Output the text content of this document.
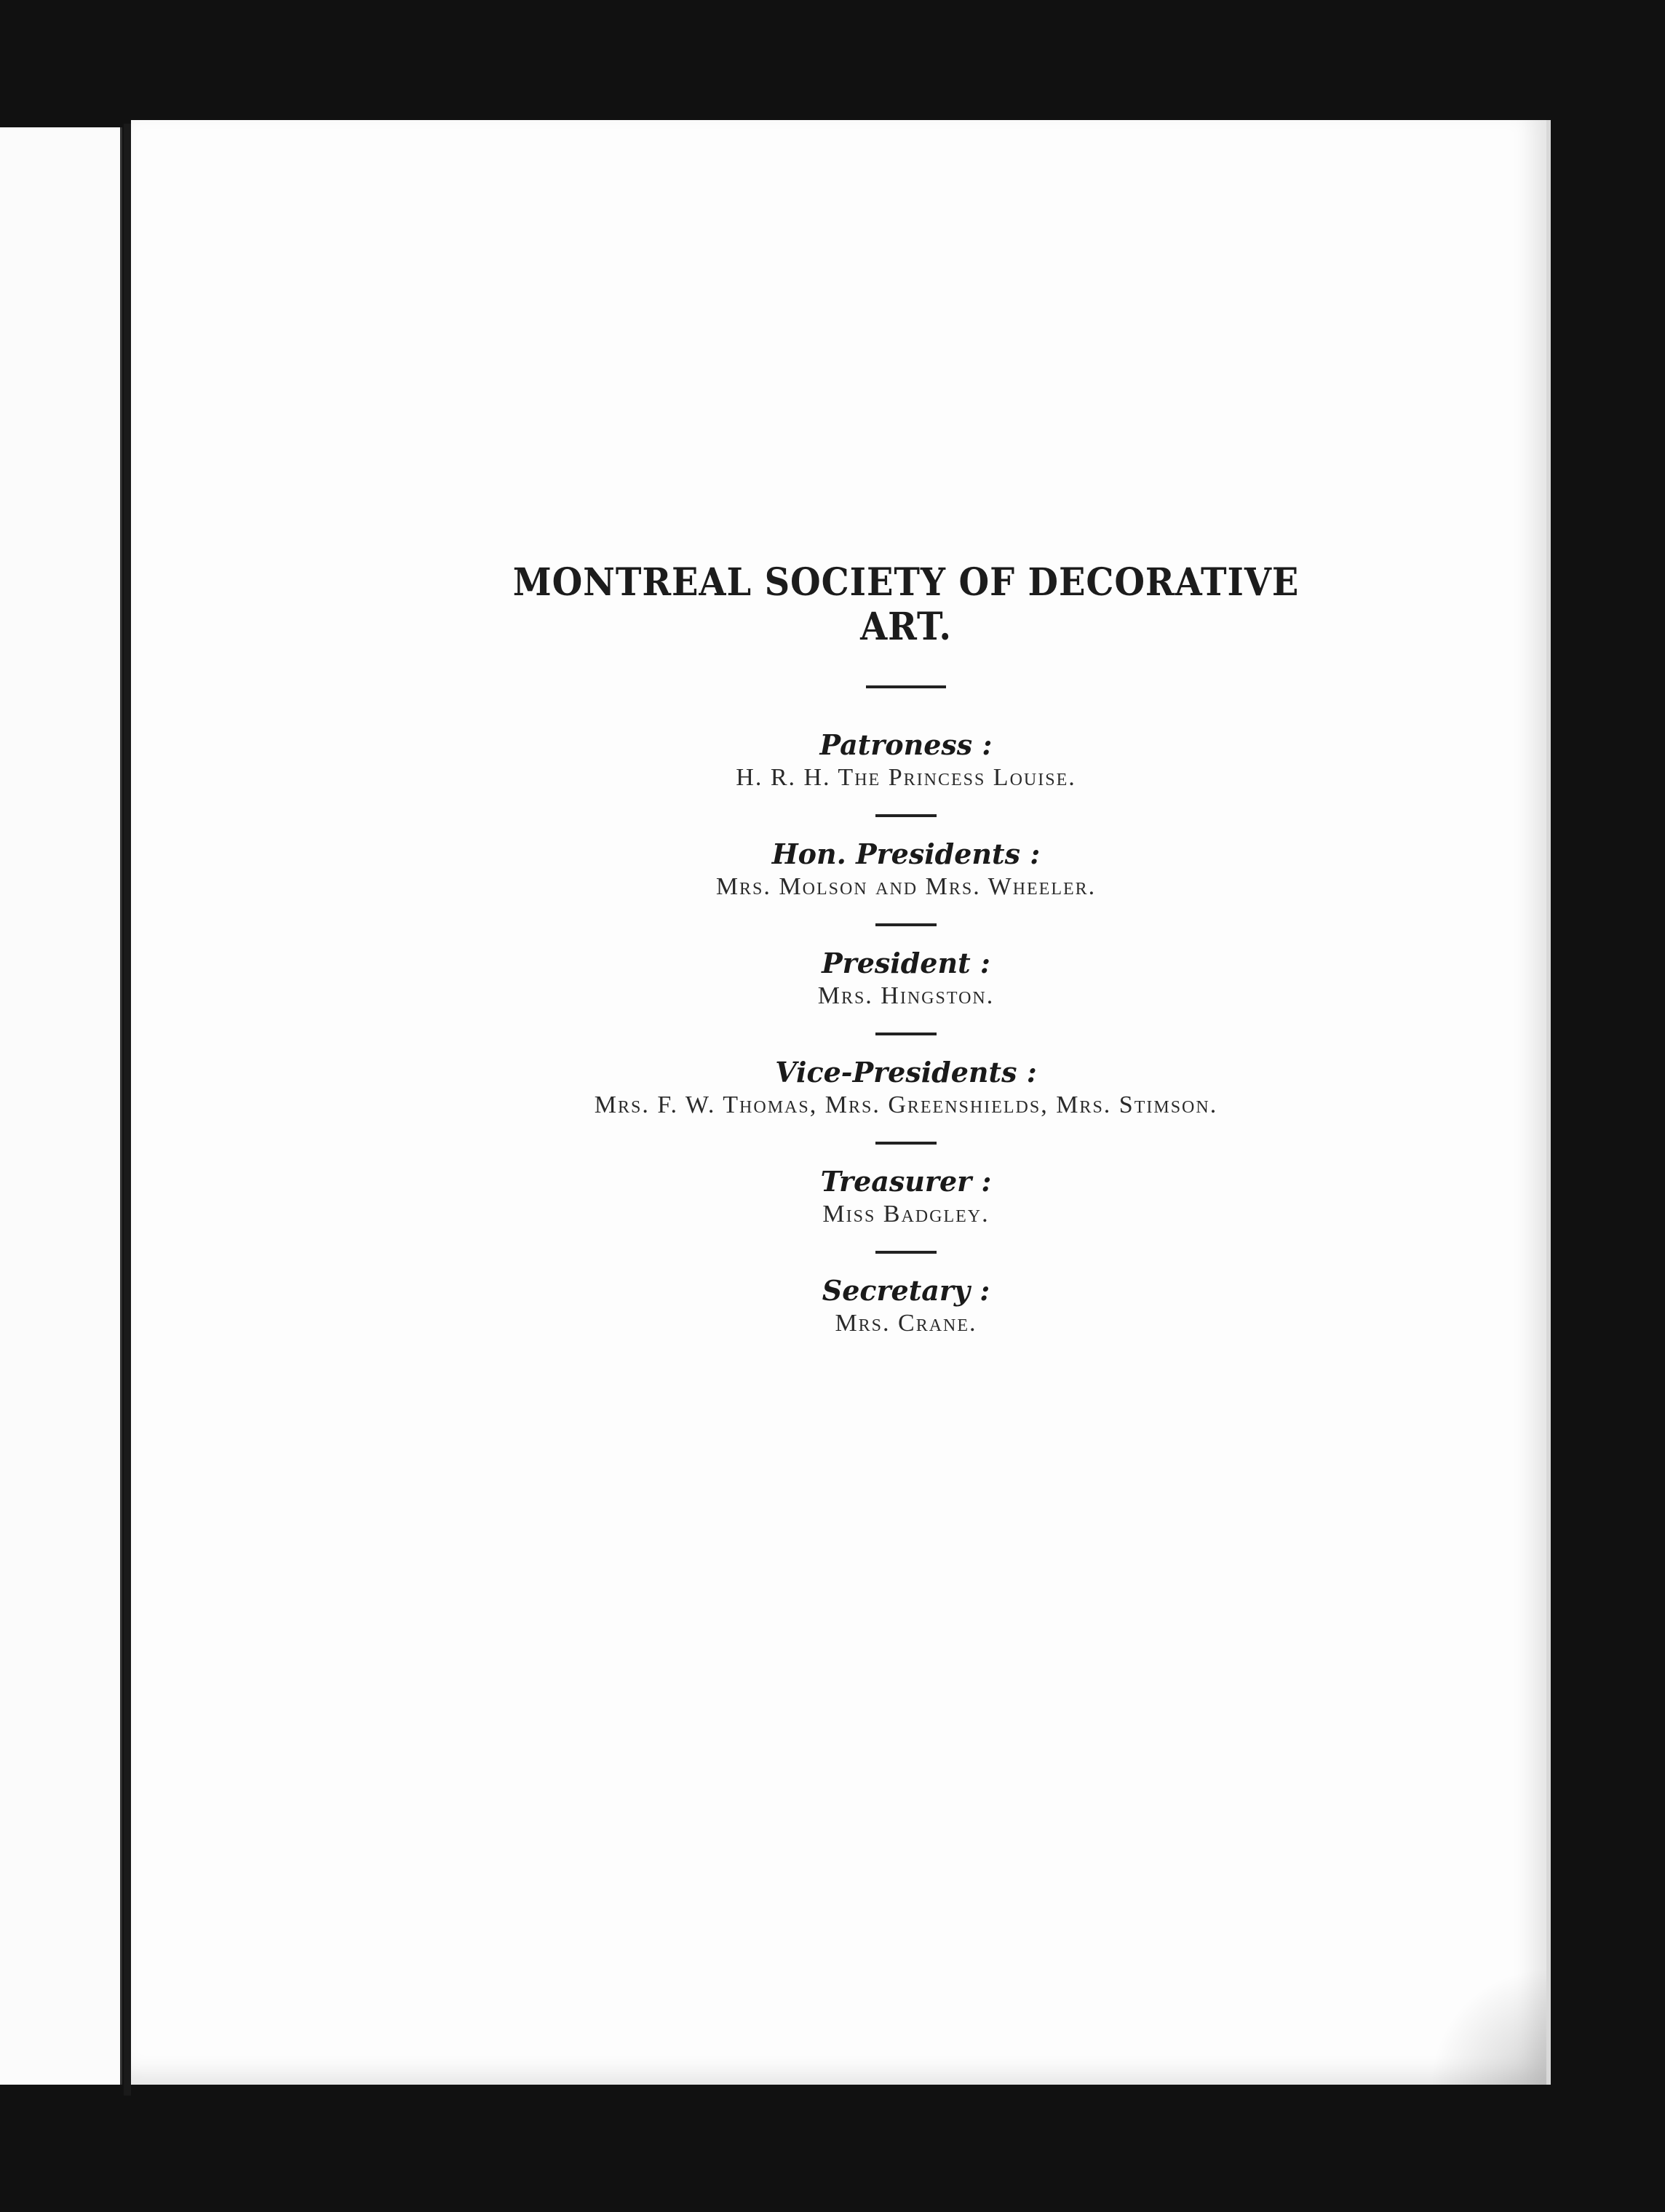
MONTREAL SOCIETY OF DECORATIVE ART.
Patroness :
H. R. H. The Princess Louise.
Hon. Presidents :
Mrs. Molson and Mrs. Wheeler.
President :
Mrs. Hingston.
Vice-Presidents :
Mrs. F. W. Thomas, Mrs. Greenshields, Mrs. Stimson.
Treasurer :
Miss Badgley.
Secretary :
Mrs. Crane.
